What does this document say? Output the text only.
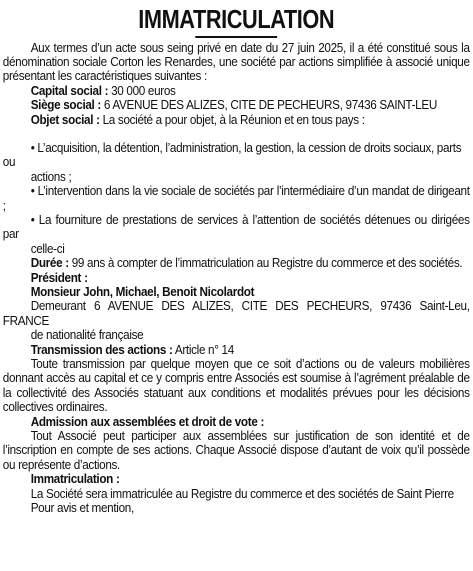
IMMATRICULATION

Aux termes d’un acte sous seing privé en date du 27 juin 2025, il a été constitué sous la dénomination sociale Corton les Renardes, une société par actions simplifiée à associé unique présentant les caractéristiques suivantes :

Capital social : 30 000 euros

Siège social : 6 AVENUE DES ALIZES, CITE DE PECHEURS, 97436 SAINT-LEU

Objet social : La société a pour objet, à la Réunion et en tous pays :

• L’acquisition, la détention, l’administration, la gestion, la cession de droits sociaux, parts ou

actions ;

• L’intervention dans la vie sociale de sociétés par l’intermédiaire d’un mandat de dirigeant ;

• La fourniture de prestations de services à l’attention de sociétés détenues ou dirigées par

celle-ci

Durée : 99 ans à compter de l’immatriculation au Registre du commerce et des sociétés.

Président :

Monsieur John, Michael, Benoit Nicolardot

Demeurant 6 AVENUE DES ALIZES, CITE DES PECHEURS, 97436 Saint-Leu, FRANCE

de nationalité française

Transmission des actions : Article n° 14

Toute transmission par quelque moyen que ce soit d’actions ou de valeurs mobilières donnant accès au capital et ce y compris entre Associés est soumise à l’agrément préalable de la collectivité des Associés statuant aux conditions et modalités prévues pour les décisions collectives ordinaires.

Admission aux assemblées et droit de vote :

Tout Associé peut participer aux assemblées sur justification de son identité et de l’inscription en compte de ses actions. Chaque Associé dispose d’autant de voix qu’il possède ou représente d’actions.

Immatriculation :

La Société sera immatriculée au Registre du commerce et des sociétés de Saint Pierre

Pour avis et mention,
